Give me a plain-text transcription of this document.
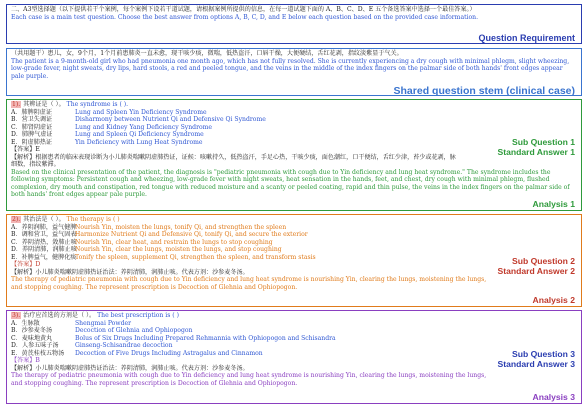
二、A3型选择题（以下提供若干个案例，每个案例下设若干道试题，请根据案例所提供的信息，在每一道试题下面的 A、B、C、D、E 五个备选答案中选择一个最佳答案。）
Each case is a main test question. Choose the best answer from options A, B, C, D, and E below each question based on the provided case information.
Question Requirement
（共用题干）患儿，女，9个月，1个月前患肺炎一直未愈，现干咳少痰，微喘，低热盗汗，口唇干燥，大便硬结，舌红花剥，指纹淡紫显于气关。
The patient is a 9-month-old girl who had pneumonia one month ago, which has not fully resolved. She is currently experiencing a dry cough with minimal phlegm, slight wheezing, low-grade fever, night sweats, dry lips, hard stools, a red and peeled tongue, and the veins in the middle of the index fingers on the palmar side of both hands' front edges appear pale purple.
Shared question stem (clinical case)
1). 其辨证是（ ）。 The syndrome is ( ).
A．肺脾阴虚证	Lung and Spleen Yin Deficiency Syndrome
B．营卫失调证	Disharmony between Nutrient Qi and Defensive Qi Syndrome
C．肺肾阴虚证	Lung and Kidney Yang Deficiency Syndrome
D．肺脾气虚证	Lung and Spleen Qi Deficiency Syndrome
E．阴虚肺热证	Yin Deficiency with Lung Heat Syndrome
【答案】E
【解析】根据患者的临床表现诊断为小儿肺炎喘嗽阴虚肺热证，证候：咳嗽持久，低热盗汗，手足心热，干咳少痰，面色潮红，口干便结，舌红少津，苔少或花剥，脉细数，指纹紫滞。
Based on the clinical presentation of the patient, the diagnosis is "pediatric pneumonia with cough due to Yin deficiency and lung heat syndrome." The syndrome includes the following symptoms: Persistent cough and wheezing, low-grade fever with night sweats, heat sensation in the hands, feet, and chest, dry cough with minimal phlegm, flushed complexion, dry mouth and constipation, red tongue with reduced moisture and a scanty or peeled coating, rapid and thin pulse, the veins in the index fingers on the palmar side of both hands' front edges appear pale purple.
Sub Question 1
Standard Answer 1
Analysis 1
2). 其治法是（ ）。 The therapy is ( )
A．养阴润肺，益气健脾
Nourish Yin, moisten the lungs, tonify Qi, and strengthen the spleen
B．调和营卫，益气固表
Harmonize Nutrient Qi and Defensive Qi, tonify Qi, and secure the exterior
C．养阴清热，敛肺止咳
Nourish Yin, clear heat, and restrain the lungs to stop coughing
D．养阴清肺，润肺止咳
Nourish Yin, clear the lungs, moisten the lungs, and stop coughing
E．补脾益气，健脾化痰
Tonify the spleen, supplement Qi, strengthen the spleen, and transform stasis
【答案】D
【解析】小儿肺炎喘嗽阴虚肺热证治法：养阴清肺，润肺止咳。代表方剂：沙参麦冬汤。
The therapy of pediatric pneumonia with cough due to Yin deficiency and lung heat syndrome is nourishing Yin, clearing the lungs, moistening the lungs, and stopping coughing. The represent prescription is Decoction of Glehnia and Ophiopogon.
Sub Question 2
Standard Answer 2
Analysis 2
3). 治疗应首选的方剂是（ ）。 The best prescription is ( )
A．生脉散	Shengmai Powder
B．沙参麦冬汤	Decoction of Glehnia and Ophiopogon
C．麦味地黄丸	Bolus of Six Drugs Including Prepared Rehmannia with Ophiopogon and Schisandra
D．人参五味子汤	Ginseng-Schisandrae decoction
E．黄芪桂枝五物汤	Decoction of Five Drugs Including Astragalus and Cinnamon
【答案】B
【解析】小儿肺炎喘嗽阴虚肺热证治法：养阴清肺，润肺止咳。代表方剂：沙参麦冬汤。
The therapy of pediatric pneumonia with cough due to Yin deficiency and lung heat syndrome is nourishing Yin, clearing the lungs, moistening the lungs, and stopping coughing. The represent prescription is Decoction of Glehnia and Ophiopogon.
Sub Question 3
Standard Answer 3
Analysis 3
